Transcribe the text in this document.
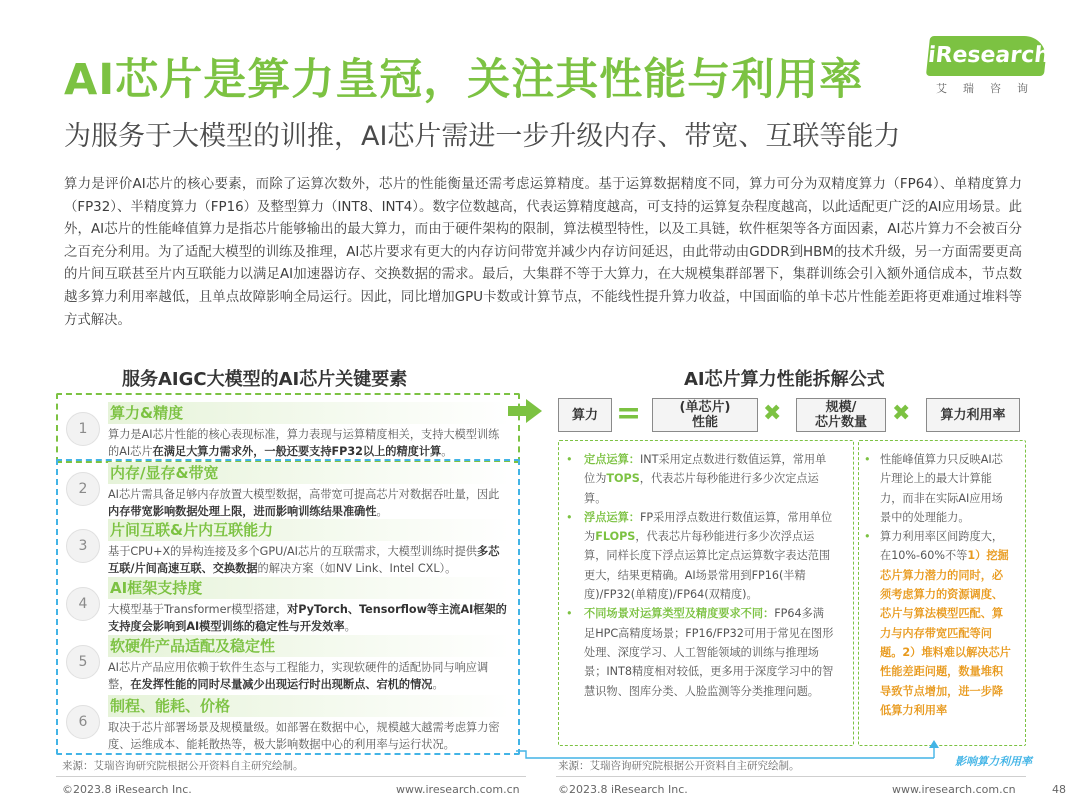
AI芯片是算力皇冠，关注其性能与利用率
为服务于大模型的训推，AI芯片需进一步升级内存、带宽、互联等能力
iResearch
艾瑞咨询
算力是评价AI芯片的核心要素，而除了运算次数外，芯片的性能衡量还需考虑运算精度。基于运算数据精度不同，算力可分为双精度算力（FP64）、单精度算力（FP32）、半精度算力（FP16）及整型算力（INT8、INT4）。数字位数越高，代表运算精度越高，可支持的运算复杂程度越高，以此适配更广泛的AI应用场景。此外，AI芯片的性能峰值算力是指芯片能够输出的最大算力，而由于硬件架构的限制，算法模型特性，以及工具链，软件框架等各方面因素，AI芯片算力不会被百分之百充分利用。为了适配大模型的训练及推理，AI芯片要求有更大的内存访问带宽并减少内存访问延迟，由此带动由GDDR到HBM的技术升级，另一方面需要更高的片间互联甚至片内互联能力以满足AI加速器访存、交换数据的需求。最后，大集群不等于大算力，在大规模集群部署下，集群训练会引入额外通信成本，节点数越多算力利用率越低，且单点故障影响全局运行。因此，同比增加GPU卡数或计算节点，不能线性提升算力收益，中国面临的单卡芯片性能差距将更难通过堆料等方式解决。
服务AIGC大模型的AI芯片关键要素	AI芯片算力性能拆解公式
1
算力&精度
算力是AI芯片性能的核心表现标准，算力表现与运算精度相关，支持大模型训练的AI芯片在满足大算力需求外，一般还要支持FP32以上的精度计算。
2
内存/显存&带宽
AI芯片需具备足够内存放置大模型数据，高带宽可提高芯片对数据吞吐量，因此内存带宽影响数据处理上限，进而影响训练结果准确性。
3
片间互联&片内互联能力
基于CPU+X的异构连接及多个GPU/AI芯片的互联需求，大模型训练时提供多芯互联/片间高速互联、交换数据的解决方案（如NV Link、Intel CXL）。
4
AI框架支持度
大模型基于Transformer模型搭建，对PyTorch、Tensorflow等主流AI框架的支持度会影响到AI模型训练的稳定性与开发效率。
5
软硬件产品适配及稳定性
AI芯片产品应用依赖于软件生态与工程能力，实现软硬件的适配协同与响应调整，在发挥性能的同时尽量减少出现运行时出现断点、宕机的情况。
6
制程、能耗、价格
取决于芯片部署场景及规模量级。如部署在数据中心，规模越大越需考虑算力密度、运维成本、能耗散热等，极大影响数据中心的利用率与运行状况。
算力 =	(单芯片)
性能	✖	规模/
芯片数量	✖	算力利用率
•	定点运算：INT采用定点数进行数值运算，常用单位为TOPS，代表芯片每秒能进行多少次定点运算。
•	浮点运算：FP采用浮点数进行数值运算，常用单位为FLOPS，代表芯片每秒能进行多少次浮点运算，同样长度下浮点运算比定点运算数字表达范围更大，结果更精确。AI场景常用到FP16(半精度)/FP32(单精度)/FP64(双精度)。
•	不同场景对运算类型及精度要求不同：FP64多满足HPC高精度场景；FP16/FP32可用于常见在图形处理、深度学习、人工智能领域的训练与推理场景；INT8精度相对较低，更多用于深度学习中的智慧识物、图库分类、人脸监测等分类推理问题。
• 性能峰值算力只反映AI芯片理论上的最大计算能力，而非在实际AI应用场景中的处理能力。
• 算力利用率区间跨度大，在10%-60%不等1）挖掘芯片算力潜力的同时，必须考虑算力的资源调度、芯片与算法模型匹配、算力与内存带宽匹配等问题。2）堆料难以解决芯片性能差距问题，数量堆积导致节点增加，进一步降低算力利用率
影响算力利用率
来源：艾瑞咨询研究院根据公开资料自主研究绘制。	来源：艾瑞咨询研究院根据公开资料自主研究绘制。
©2023.8 iResearch Inc.	www.iresearch.com.cn	©2023.8 iResearch Inc.	www.iresearch.com.cn	48
